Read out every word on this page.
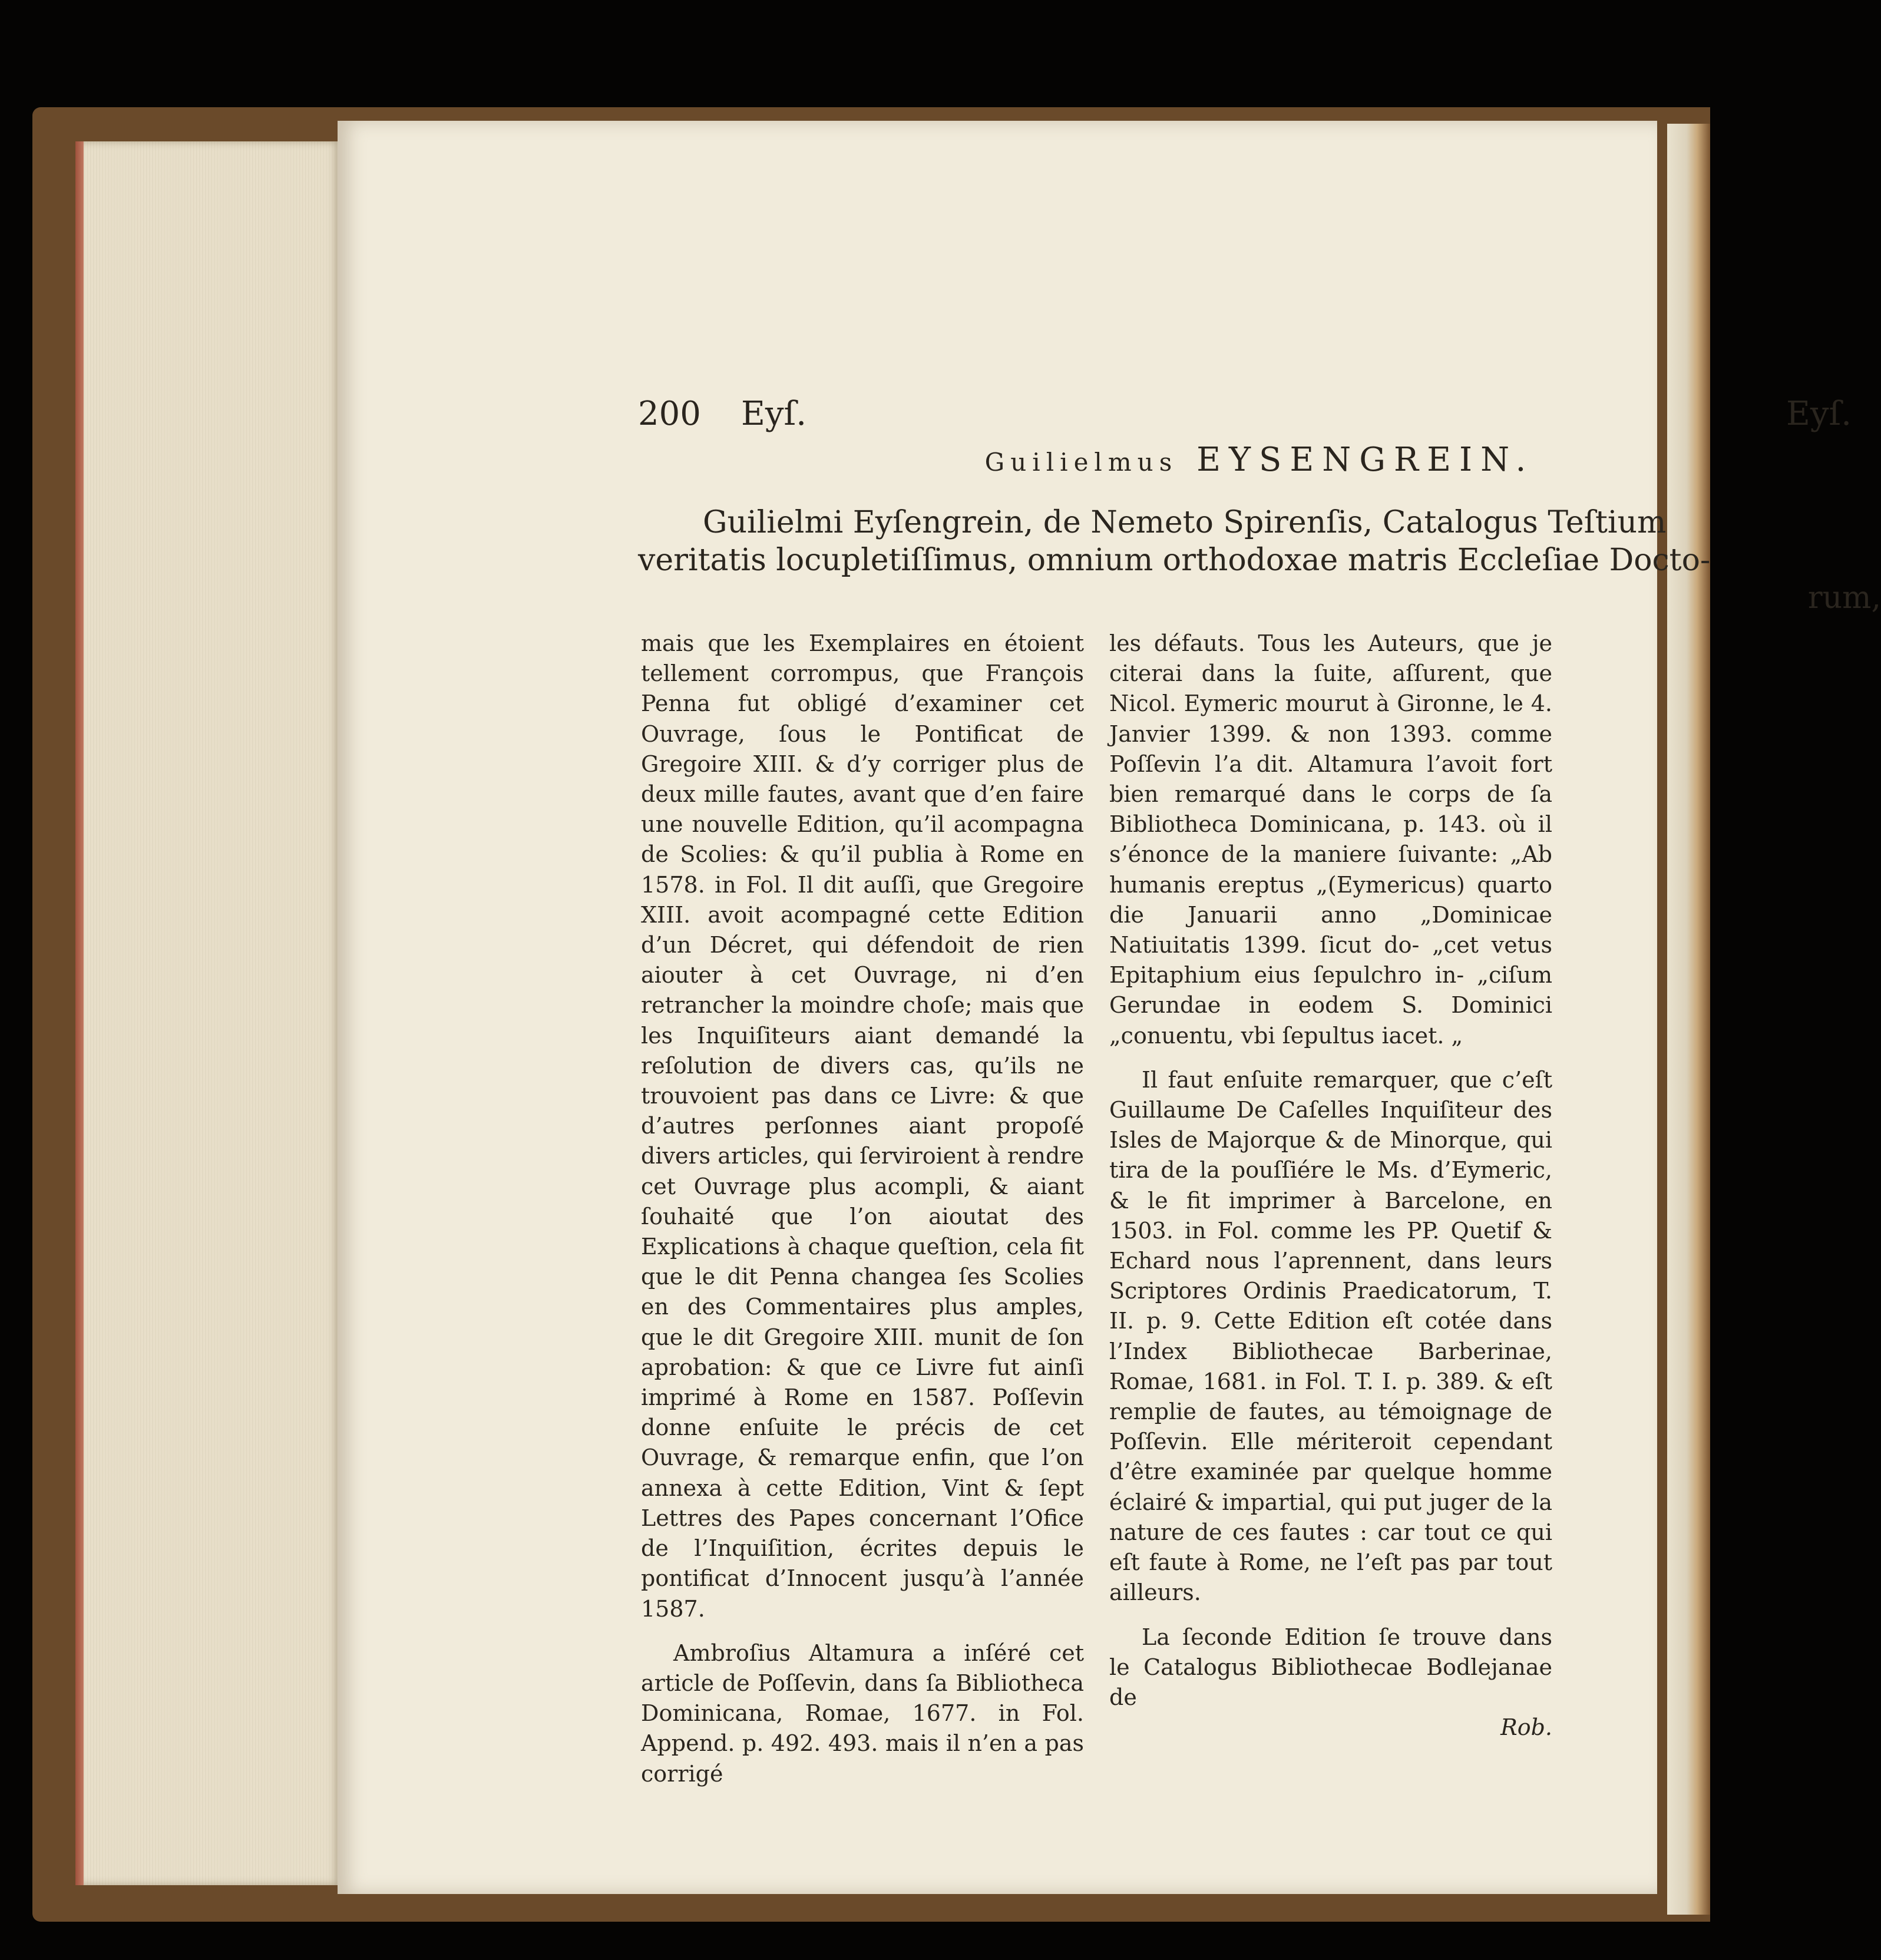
200 Eyſ.	Eyſ.
Guilielmus EYSENGREIN.

Guilielmi Eyſengrein, de Nemeto Spirenſis, Catalogus Teſtium

veritatis locupletiſſimus, omnium orthodoxae matris Eccleſiae Docto-

rum,

mais que les Exemplaires en étoient tellement corrompus, que François Penna fut obligé d’examiner cet Ouvrage, ſous le Pontificat de Gregoire XIII. & d’y corriger plus de deux mille fautes, avant que d’en faire une nouvelle Edition, qu’il acompagna de Scolies: & qu’il publia à Rome en 1578. in Fol. Il dit auſſi, que Gregoire XIII. avoit acompagné cette Edition d’un Décret, qui défendoit de rien aiouter à cet Ouvrage, ni d’en retrancher la moindre choſe; mais que les Inquiſiteurs aiant demandé la reſolution de divers cas, qu’ils ne trouvoient pas dans ce Livre: & que d’autres perſonnes aiant propoſé divers articles, qui ſerviroient à rendre cet Ouvrage plus acompli, & aiant ſouhaité que l’on aioutat des Explications à chaque queſtion, cela fit que le dit Penna changea ſes Scolies en des Commentaires plus amples, que le dit Gregoire XIII. munit de ſon aprobation: & que ce Livre fut ainſi imprimé à Rome en 1587. Poſſevin donne enſuite le précis de cet Ouvrage, & remarque enfin, que l’on annexa à cette Edition, Vint & ſept Lettres des Papes concernant l’Ofice de l’Inquiſition, écrites depuis le pontificat d’Innocent jusqu’à l’année 1587.

Ambroſius Altamura a inſéré cet article de Poſſevin, dans ſa Bibliotheca Dominicana, Romae, 1677. in Fol. Append. p. 492. 493. mais il n’en a pas corrigé

les défauts. Tous les Auteurs, que je citerai dans la ſuite, aſſurent, que Nicol. Eymeric mourut à Gironne, le 4. Janvier 1399. & non 1393. comme Poſſevin l’a dit. Altamura l’avoit fort bien remarqué dans le corps de ſa Bibliotheca Dominicana, p. 143. où il s’énonce de la maniere ſuivante: „Ab humanis ereptus „(Eymericus) quarto die Januarii anno „Dominicae Natiuitatis 1399. ſicut do- „cet vetus Epitaphium eius ſepulchro in- „ciſum Gerundae in eodem S. Dominici „conuentu, vbi ſepultus iacet. „

Il faut enſuite remarquer, que c’eſt Guillaume De Caſelles Inquiſiteur des Isles de Majorque & de Minorque, qui tira de la pouſſiére le Ms. d’Eymeric, & le fit imprimer à Barcelone, en 1503. in Fol. comme les PP. Quetif & Echard nous l’aprennent, dans leurs Scriptores Ordinis Praedicatorum, T. II. p. 9. Cette Edition eſt cotée dans l’Index Bibliothecae Barberinae, Romae, 1681. in Fol. T. I. p. 389. & eſt remplie de fautes, au témoignage de Poſſevin. Elle mériteroit cependant d’être examinée par quelque homme éclairé & impartial, qui put juger de la nature de ces fautes : car tout ce qui eſt faute à Rome, ne l’eſt pas par tout ailleurs.

La ſeconde Edition ſe trouve dans le Catalogus Bibliothecae Bodlejanae de

Rob.
